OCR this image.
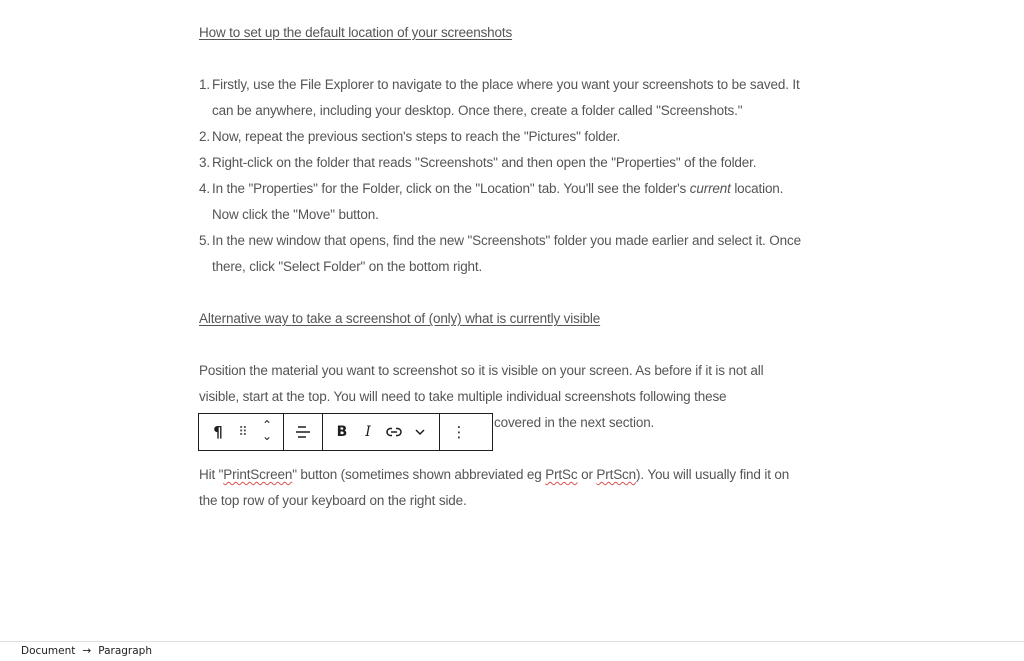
How to set up the default location of your screenshots
1. Firstly, use the File Explorer to navigate to the place where you want your screenshots to be saved. It
can be anywhere, including your desktop. Once there, create a folder called "Screenshots."
2. Now, repeat the previous section's steps to reach the "Pictures" folder.
3. Right-click on the folder that reads "Screenshots" and then open the "Properties" of the folder.
4. In the "Properties" for the Folder, click on the "Location" tab. You'll see the folder's current location.
Now click the "Move" button.
5. In the new window that opens, find the new "Screenshots" folder you made earlier and select it. Once
there, click "Select Folder" on the bottom right.
Alternative way to take a screenshot of (only) what is currently visible
Position the material you want to screenshot so it is visible on your screen. As before if it is not all
visible, start at the top. You will need to take multiple individual screenshots following these
covered in the next section.
Hit "PrintScreen" button (sometimes shown abbreviated eg PrtSc or PrtScn). You will usually find it on
the top row of your keyboard on the right side.
¶ ⠿ ⌃
⌄	B I	⋮
Document → Paragraph
